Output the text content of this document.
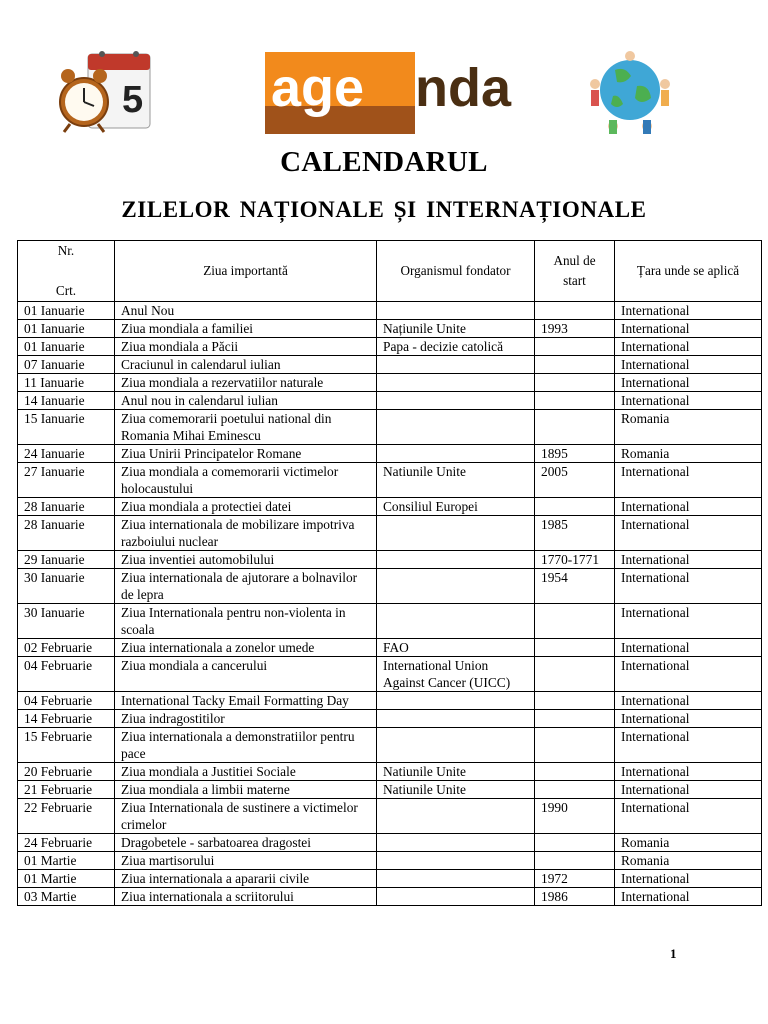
5 age nda
CALENDARUL
ZILELOR NAȚIONALE ȘI INTERNAȚIONALE
Nr.

Crt.	Ziua importantă	Organismul fondator	Anul de start	Țara unde se aplică
01 Ianuarie	Anul Nou			International
01 Ianuarie	Ziua mondiala a familiei	Națiunile Unite	1993	International
01 Ianuarie	Ziua mondiala a Păcii	Papa - decizie catolică		International
07 Ianuarie	Craciunul in calendarul iulian			International
11 Ianuarie	Ziua mondiala a rezervatiilor naturale			International
14 Ianuarie	Anul nou in calendarul iulian			International
15 Ianuarie	Ziua comemorarii poetului national din Romania Mihai Eminescu			Romania
24 Ianuarie	Ziua Unirii Principatelor Romane		1895	Romania
27 Ianuarie	Ziua mondiala a comemorarii victimelor holocaustului	Natiunile Unite	2005	International
28 Ianuarie	Ziua mondiala a protectiei datei	Consiliul Europei		International
28 Ianuarie	Ziua internationala de mobilizare impotriva razboiului nuclear		1985	International
29 Ianuarie	Ziua inventiei automobilului		1770-1771	International
30 Ianuarie	Ziua internationala de ajutorare a bolnavilor de lepra		1954	International
30 Ianuarie	Ziua Internationala pentru non-violenta in scoala			International
02 Februarie	Ziua internationala a zonelor umede	FAO		International
04 Februarie	Ziua mondiala a cancerului	International Union Against Cancer (UICC)		International
04 Februarie	International Tacky Email Formatting Day			International
14 Februarie	Ziua indragostitilor			International
15 Februarie	Ziua internationala a demonstratiilor pentru pace			International
20 Februarie	Ziua mondiala a Justitiei Sociale	Natiunile Unite		International
21 Februarie	Ziua mondiala a limbii materne	Natiunile Unite		International
22 Februarie	Ziua Internationala de sustinere a victimelor crimelor		1990	International
24 Februarie	Dragobetele - sarbatoarea dragostei			Romania
01 Martie	Ziua martisorului			Romania
01 Martie	Ziua internationala a apararii civile		1972	International
03 Martie	Ziua internationala a scriitorului		1986	International
1
